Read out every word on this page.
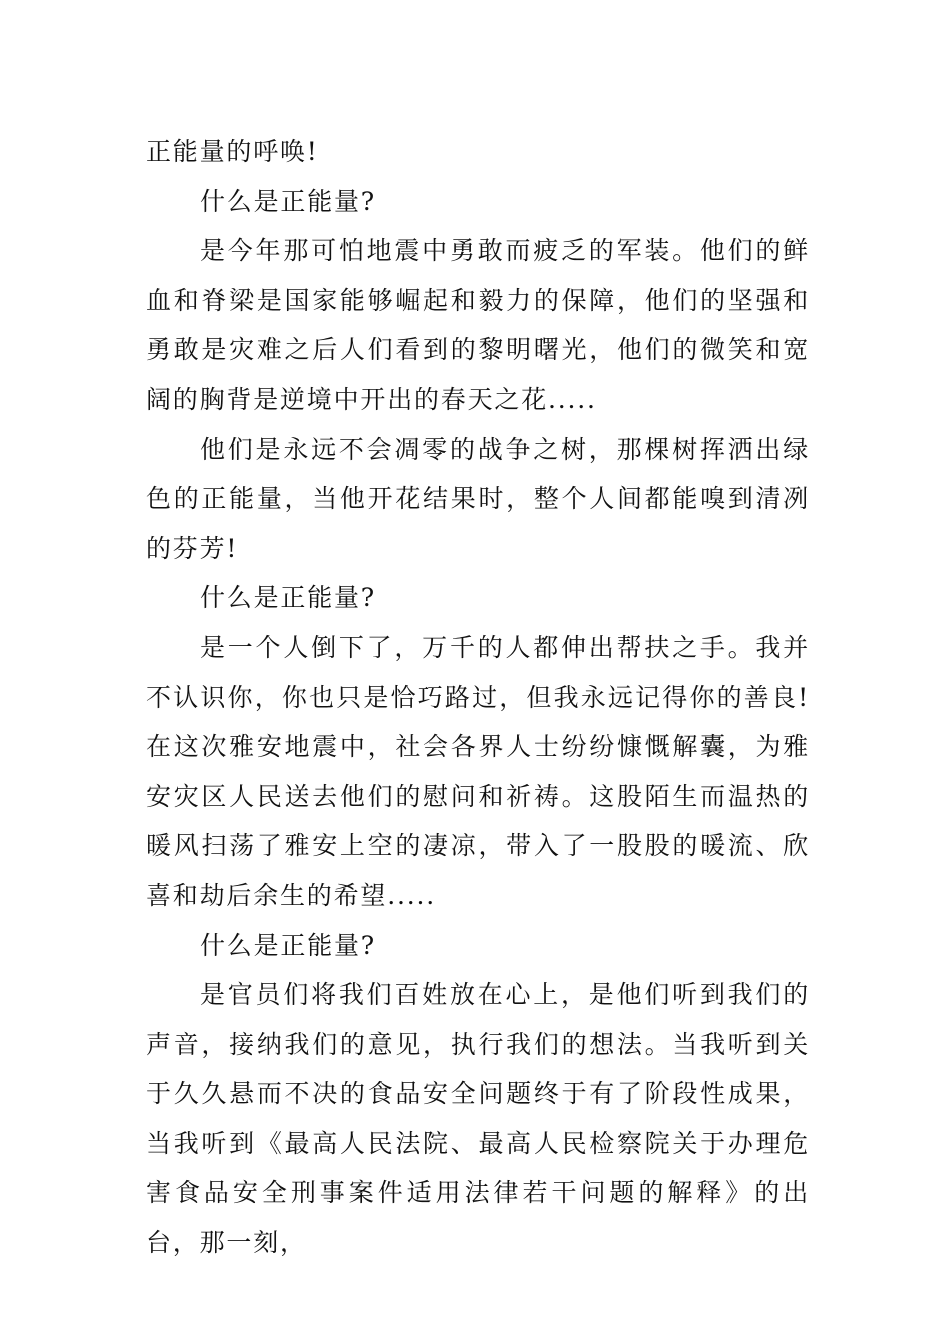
正能量的呼唤!

什么是正能量?

是今年那可怕地震中勇敢而疲乏的军装。他们的鲜血和脊梁是国家能够崛起和毅力的保障，他们的坚强和勇敢是灾难之后人们看到的黎明曙光，他们的微笑和宽阔的胸背是逆境中开出的春天之花.....

他们是永远不会凋零的战争之树，那棵树挥洒出绿色的正能量，当他开花结果时，整个人间都能嗅到清冽的芬芳!

什么是正能量?

是一个人倒下了，万千的人都伸出帮扶之手。我并不认识你，你也只是恰巧路过，但我永远记得你的善良!在这次雅安地震中，社会各界人士纷纷慷慨解囊，为雅安灾区人民送去他们的慰问和祈祷。这股陌生而温热的暖风扫荡了雅安上空的凄凉，带入了一股股的暖流、欣喜和劫后余生的希望.....

什么是正能量?

是官员们将我们百姓放在心上，是他们听到我们的声音，接纳我们的意见，执行我们的想法。当我听到关于久久悬而不决的食品安全问题终于有了阶段性成果，当我听到《最高人民法院、最高人民检察院关于办理危害食品安全刑事案件适用法律若干问题的解释》的出台，那一刻，
